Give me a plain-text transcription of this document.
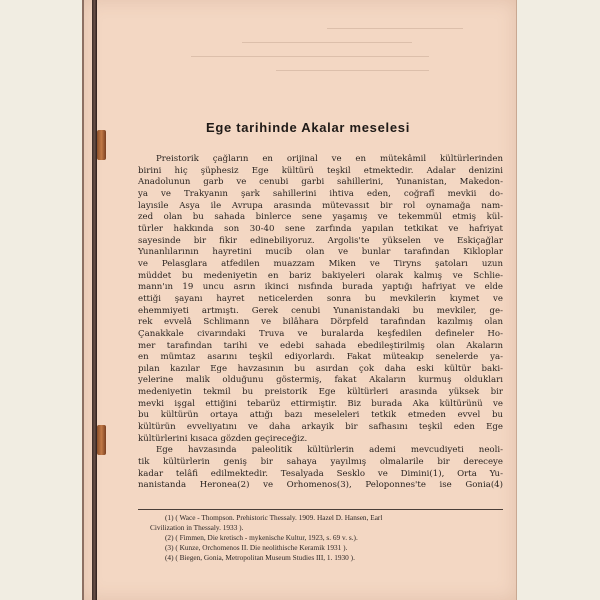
Ege tarihinde Akalar meselesi
Preistorik çağların en orijinal ve en mütekâmil kültürlerinden
birini hiç şüphesiz Ege kültürü teşkil etmektedir. Adalar denizini
Anadolunun garb ve cenubi garbi sahillerini, Yunanistan, Makedon-
ya ve Trakyanın şark sahillerini ihtiva eden, coğrafî mevkii do-
layısile Asya ile Avrupa arasında mütevassıt bir rol oynamağa nam-
zed olan bu sahada binlerce sene yaşamış ve tekemmül etmiş kül-
türler hakkında son 30-40 sene zarfında yapılan tetkikat ve hafriyat
sayesinde bir fikir edinebiliyoruz. Argolis'te yükselen ve Eskiçağlar
Yunanlılarının hayretini mucib olan ve bunlar tarafından Kiklоplar
ve Pelasglara atfedilen muazzam Miken ve Tiryns şatoları uzun
müddet bu medeniyetin en bariz bakiyeleri olarak kalmış ve Schlie-
mann'ın 19 uncu asrın ikinci nısfında burada yaptığı hafriyat ve elde
ettiği şayanı hayret neticelerden sonra bu mevkilerin kıymet ve
ehemmiyeti artmıştı. Gerek cenubi Yunanistandaki bu mevkiler, ge-
rek evvelâ Schlimann ve bilâhara Dörpfeld tarafından kazılmış olan
Çanakkale civarındaki Truva ve buralarda keşfedilen defineler Ho-
mer tarafından tarihi ve edebi sahada ebedileştirilmiş olan Akaların
en mümtaz asarını teşkil ediyorlardı. Fakat müteakıp senelerde ya-
pılan kazılar Ege havzasının bu asırdan çok daha eski kültür baki-
yelerine malik olduğunu göstermiş, fakat Akaların kurmuş oldukları
medeniyetin tekmil bu preistorik Ege kültürleri arasında yüksek bir
mevki işgal ettiğini tebarüz ettirmiştir. Biz burada Aka kültürünü ve
bu kültürün ortaya attığı bazı meseleleri tetkik etmeden evvel bu
kültürün evveliyatını ve daha arkayik bir safhasını teşkil eden Ege
kültürlerini kısaca gözden geçireceğiz.
Ege havzasında paleolitik kültürlerin ademi mevcudiyeti neoli-
tik kültürlerin geniş bir sahaya yayılmış olmalarile bir dereceye
kadar telâfi edilmektedir. Tesalyada Sesklo ve Dimini(1), Orta Yu-
nanistanda Heronea(2) ve Orhomenos(3), Peloponnes'te ise Gonia(4)
(1) ( Wace - Thompson. Prehistoric Thessaly. 1909. Hazel D. Hansen, Earl
Civilization in Thessaly. 1933 ).
(2) ( Fimmen, Die kretisch - mykenische Kultur, 1923, s. 69 v. s.).
(3) ( Kunze, Orchomenos II. Die neolithische Keramik 1931 ).
(4) ( Biegen, Gonia, Metropolitan Museum Studies III, 1. 1930 ).
